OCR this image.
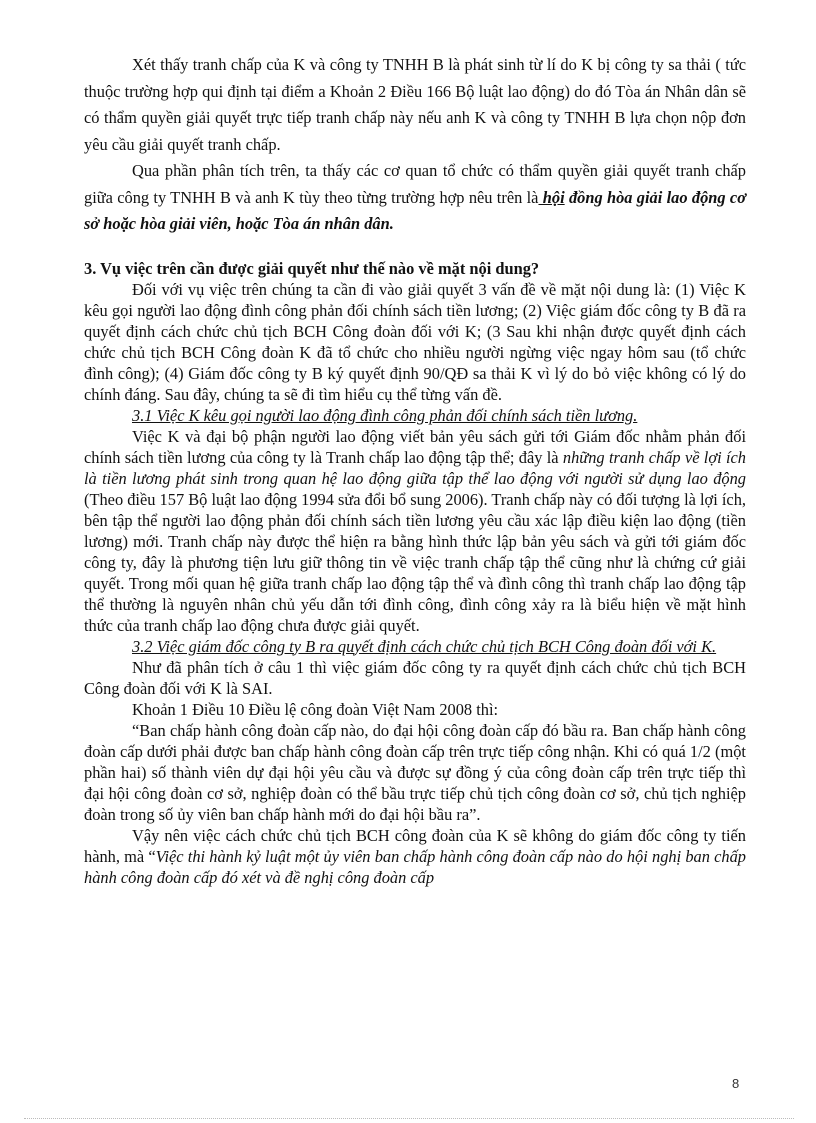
Xét thấy tranh chấp của K và công ty TNHH B là phát sinh từ lí do K bị công ty sa thải ( tức thuộc trường hợp qui định tại điểm a Khoản 2 Điều 166 Bộ luật lao động) do đó Tòa án Nhân dân sẽ có thẩm quyền giải quyết trực tiếp tranh chấp này nếu anh K và công ty TNHH B lựa chọn nộp đơn yêu cầu giải quyết tranh chấp.

Qua phần phân tích trên, ta thấy các cơ quan tổ chức có thẩm quyền giải quyết tranh chấp giữa công ty TNHH B và anh K tùy theo từng trường hợp nêu trên là hội đồng hòa giải lao động cơ sở hoặc hòa giải viên, hoặc Tòa án nhân dân.

3. Vụ việc trên cần được giải quyết như thế nào về mặt nội dung?

Đối với vụ việc trên chúng ta cần đi vào giải quyết 3 vấn đề về mặt nội dung là: (1) Việc K kêu gọi người lao động đình công phản đối chính sách tiền lương; (2) Việc giám đốc công ty B đã ra quyết định cách chức chủ tịch BCH Công đoàn đối với K; (3 Sau khi nhận được quyết định cách chức chủ tịch BCH Công đoàn K đã tổ chức cho nhiều người ngừng việc ngay hôm sau (tổ chức đình công); (4) Giám đốc công ty B ký quyết định 90/QĐ sa thải K vì lý do bỏ việc không có lý do chính đáng. Sau đây, chúng ta sẽ đi tìm hiểu cụ thể từng vấn đề.

3.1 Việc K kêu gọi người lao động đình công phản đối chính sách tiền lương.

Việc K và đại bộ phận người lao động viết bản yêu sách gửi tới Giám đốc nhằm phản đối chính sách tiền lương của công ty là Tranh chấp lao động tập thể; đây là những tranh chấp về lợi ích là tiền lương phát sinh trong quan hệ lao động giữa tập thể lao động với người sử dụng lao động (Theo điều 157 Bộ luật lao động 1994 sửa đổi bổ sung 2006). Tranh chấp này có đối tượng là lợi ích, bên tập thể người lao động phản đối chính sách tiền lương yêu cầu xác lập điều kiện lao động (tiền lương) mới. Tranh chấp này được thể hiện ra bằng hình thức lập bản yêu sách và gửi tới giám đốc công ty, đây là phương tiện lưu giữ thông tin về việc tranh chấp tập thể cũng như là chứng cứ giải quyết. Trong mối quan hệ giữa tranh chấp lao động tập thể và đình công thì tranh chấp lao động tập thể thường là nguyên nhân chủ yếu dẫn tới đình công, đình công xảy ra là biểu hiện về mặt hình thức của tranh chấp lao động chưa được giải quyết.

3.2 Việc giám đốc công ty B ra quyết định cách chức chủ tịch BCH Công đoàn đối với K.

Như đã phân tích ở câu 1 thì việc giám đốc công ty ra quyết định cách chức chủ tịch BCH Công đoàn đối với K là SAI.

Khoản 1 Điều 10 Điều lệ công đoàn Việt Nam 2008 thì:

“Ban chấp hành công đoàn cấp nào, do đại hội công đoàn cấp đó bầu ra. Ban chấp hành công đoàn cấp dưới phải được ban chấp hành công đoàn cấp trên trực tiếp công nhận. Khi có quá 1/2 (một phần hai) số thành viên dự đại hội yêu cầu và được sự đồng ý của công đoàn cấp trên trực tiếp thì đại hội công đoàn cơ sở, nghiệp đoàn có thể bầu trực tiếp chủ tịch công đoàn cơ sở, chủ tịch nghiệp đoàn trong số ủy viên ban chấp hành mới do đại hội bầu ra”.

Vậy nên việc cách chức chủ tịch BCH công đoàn của K sẽ không do giám đốc công ty tiến hành, mà “Việc thi hành kỷ luật một ủy viên ban chấp hành công đoàn cấp nào do hội nghị ban chấp hành công đoàn cấp đó xét và đề nghị công đoàn cấp

8
